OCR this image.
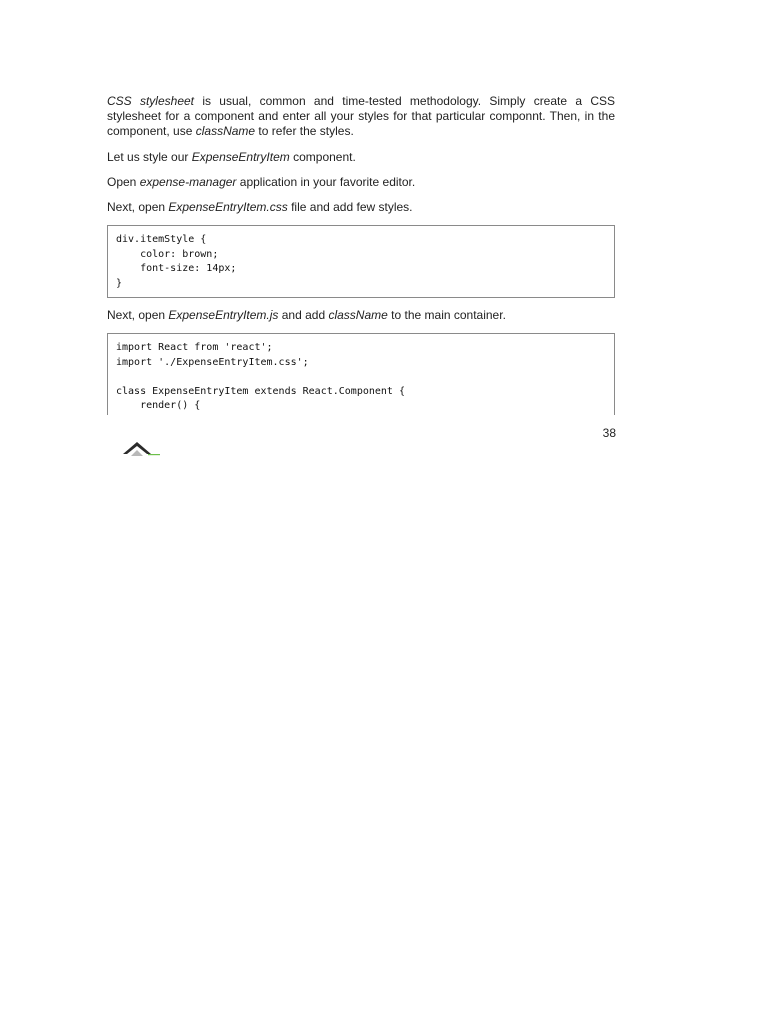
CSS stylesheet is usual, common and time-tested methodology. Simply create a CSS stylesheet for a component and enter all your styles for that particular componnt. Then, in the component, use className to refer the styles.

Let us style our ExpenseEntryItem component.

Open expense-manager application in your favorite editor.

Next, open ExpenseEntryItem.css file and add few styles.

div.itemStyle {
color: brown;
font-size: 14px;
}

Next, open ExpenseEntryItem.js and add className to the main container.

import React from 'react';
import './ExpenseEntryItem.css';
class ExpenseEntryItem extends React.Component {
render() {
38
